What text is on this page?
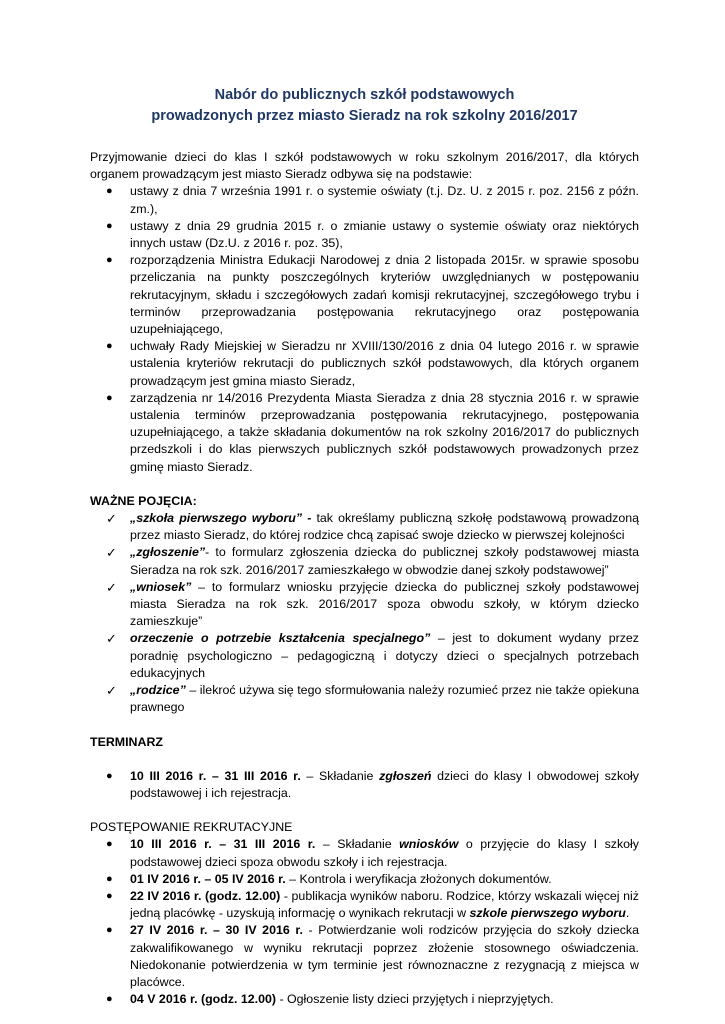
Nabór do publicznych szkół podstawowych
prowadzonych przez miasto Sieradz na rok szkolny 2016/2017

Przyjmowanie dzieci do klas I szkół podstawowych w roku szkolnym 2016/2017, dla których organem prowadzącym jest miasto Sieradz odbywa się na podstawie:

● ustawy z dnia 7 września 1991 r. o systemie oświaty (t.j. Dz. U. z 2015 r. poz. 2156 z późn. zm.),
● ustawy z dnia 29 grudnia 2015 r. o zmianie ustawy o systemie oświaty oraz niektórych innych ustaw (Dz.U. z 2016 r. poz. 35),
● rozporządzenia Ministra Edukacji Narodowej z dnia 2 listopada 2015r. w sprawie sposobu przeliczania na punkty poszczególnych kryteriów uwzględnianych w postępowaniu rekrutacyjnym, składu i szczegółowych zadań komisji rekrutacyjnej, szczegółowego trybu i terminów przeprowadzania postępowania rekrutacyjnego oraz postępowania uzupełniającego,
● uchwały Rady Miejskiej w Sieradzu nr XVIII/130/2016 z dnia 04 lutego 2016 r. w sprawie ustalenia kryteriów rekrutacji do publicznych szkół podstawowych, dla których organem prowadzącym jest gmina miasto Sieradz,
● zarządzenia nr 14/2016 Prezydenta Miasta Sieradza z dnia 28 stycznia 2016 r. w sprawie ustalenia terminów przeprowadzania postępowania rekrutacyjnego, postępowania uzupełniającego, a także składania dokumentów na rok szkolny 2016/2017 do publicznych przedszkoli i do klas pierwszych publicznych szkół podstawowych prowadzonych przez gminę miasto Sieradz.

WAŻNE POJĘCIA:

✓ „szkoła pierwszego wyboru” - tak określamy publiczną szkołę podstawową prowadzoną przez miasto Sieradz, do której rodzice chcą zapisać swoje dziecko w pierwszej kolejności
✓ „zgłoszenie”- to formularz zgłoszenia dziecka do publicznej szkoły podstawowej miasta Sieradza na rok szk. 2016/2017 zamieszkałego w obwodzie danej szkoły podstawowej”
✓ „wniosek” – to formularz wniosku przyjęcie dziecka do publicznej szkoły podstawowej miasta Sieradza na rok szk. 2016/2017 spoza obwodu szkoły, w którym dziecko zamieszkuje”
✓ orzeczenie o potrzebie kształcenia specjalnego” – jest to dokument wydany przez poradnię psychologiczno – pedagogiczną i dotyczy dzieci o specjalnych potrzebach edukacyjnych
✓ „rodzice” – ilekroć używa się tego sformułowania należy rozumieć przez nie także opiekuna prawnego

TERMINARZ

● 10 III 2016 r. – 31 III 2016 r. – Składanie zgłoszeń dzieci do klasy I obwodowej szkoły podstawowej i ich rejestracja.

POSTĘPOWANIE REKRUTACYJNE

● 10 III 2016 r. – 31 III 2016 r. – Składanie wniosków o przyjęcie do klasy I szkoły podstawowej dzieci spoza obwodu szkoły i ich rejestracja.
● 01 IV 2016 r. – 05 IV 2016 r. – Kontrola i weryfikacja złożonych dokumentów.
● 22 IV 2016 r. (godz. 12.00) - publikacja wyników naboru. Rodzice, którzy wskazali więcej niż jedną placówkę - uzyskują informację o wynikach rekrutacji w szkole pierwszego wyboru.
● 27 IV 2016 r. – 30 IV 2016 r. - Potwierdzanie woli rodziców przyjęcia do szkoły dziecka zakwalifikowanego w wyniku rekrutacji poprzez złożenie stosownego oświadczenia. Niedokonanie potwierdzenia w tym terminie jest równoznaczne z rezygnacją z miejsca w placówce.
● 04 V 2016 r. (godz. 12.00) - Ogłoszenie listy dzieci przyjętych i nieprzyjętych.
